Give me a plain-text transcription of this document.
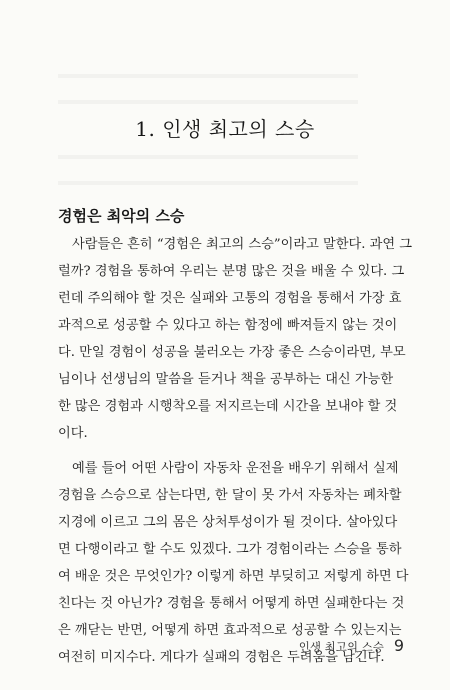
1. 인생 최고의 스승
경험은 최악의 스승
사람들은 흔히 “경험은 최고의 스승”이라고 말한다. 과연 그
럴까? 경험을 통하여 우리는 분명 많은 것을 배울 수 있다. 그
런데 주의해야 할 것은 실패와 고통의 경험을 통해서 가장 효
과적으로 성공할 수 있다고 하는 함정에 빠져들지 않는 것이
다. 만일 경험이 성공을 불러오는 가장 좋은 스승이라면, 부모
님이나 선생님의 말씀을 듣거나 책을 공부하는 대신 가능한
한 많은 경험과 시행착오를 저지르는데 시간을 보내야 할 것
이다.
예를 들어 어떤 사람이 자동차 운전을 배우기 위해서 실제
경험을 스승으로 삼는다면, 한 달이 못 가서 자동차는 폐차할
지경에 이르고 그의 몸은 상처투성이가 될 것이다. 살아있다
면 다행이라고 할 수도 있겠다. 그가 경험이라는 스승을 통하
여 배운 것은 무엇인가? 이렇게 하면 부딪히고 저렇게 하면 다
친다는 것 아닌가? 경험을 통해서 어떻게 하면 실패한다는 것
은 깨닫는 반면, 어떻게 하면 효과적으로 성공할 수 있는지는
여전히 미지수다. 게다가 실패의 경험은 두려움을 남긴다.
인생 최고의 스승 9
